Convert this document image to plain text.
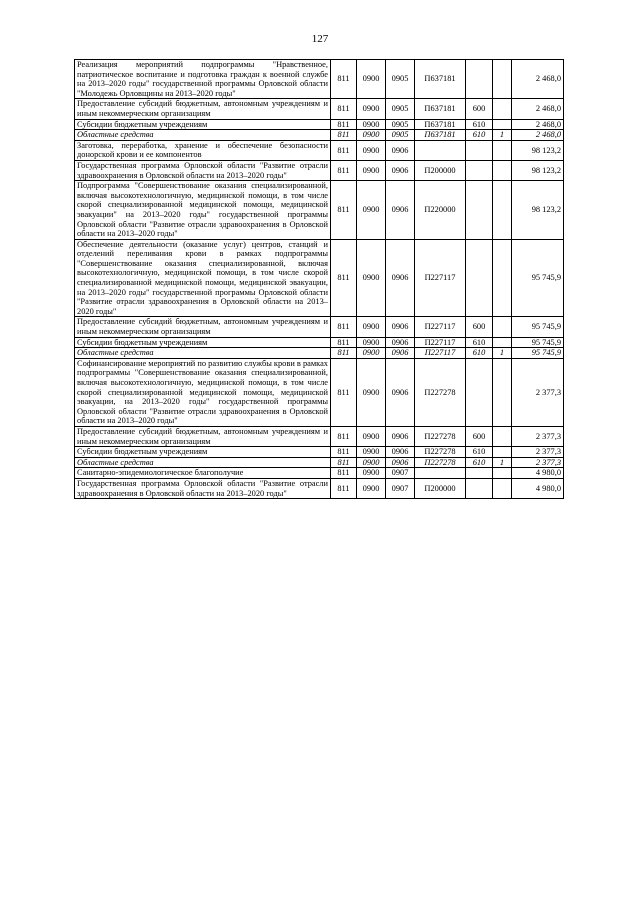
127
Реализация мероприятий подпрограммы "Нравственное, патриотическое воспитание и подготовка граждан к военной службе на 2013–2020 годы" государственной программы Орловской области "Молодежь Орловщины на 2013–2020 годы"	811	0900	0905	П637181			2 468,0
Предоставление субсидий бюджетным, автономным учреждениям и иным некоммерческим организациям	811	0900	0905	П637181	600		2 468,0
Субсидии бюджетным учреждениям	811	0900	0905	П637181	610		2 468,0
Областные средства	811	0900	0905	П637181	610	1	2 468,0
Заготовка, переработка, хранение и обеспечение безопасности донорской крови и ее компонентов	811	0900	0906				98 123,2
Государственная программа Орловской области "Развитие отрасли здравоохранения в Орловской области на 2013–2020 годы"	811	0900	0906	П200000			98 123,2
Подпрограмма "Совершенствование оказания специализированной, включая высокотехнологичную, медицинской помощи, в том числе скорой специализированной медицинской помощи, медицинской эвакуации" на 2013–2020 годы" государственной программы Орловской области "Развитие отрасли здравоохранения в Орловской области на 2013–2020 годы"	811	0900	0906	П220000			98 123,2
Обеспечение деятельности (оказание услуг) центров, станций и отделений переливания крови в рамках подпрограммы "Совершенствование оказания специализированной, включая высокотехнологичную, медицинской помощи, в том числе скорой специализированной медицинской помощи, медицинской эвакуации, на 2013–2020 годы" государственной программы Орловской области "Развитие отрасли здравоохранения в Орловской области на 2013–2020 годы"	811	0900	0906	П227117			95 745,9
Предоставление субсидий бюджетным, автономным учреждениям и иным некоммерческим организациям	811	0900	0906	П227117	600		95 745,9
Субсидии бюджетным учреждениям	811	0900	0906	П227117	610		95 745,9
Областные средства	811	0900	0906	П227117	610	1	95 745,9
Софинансирование мероприятий по развитию службы крови в рамках подпрограммы "Совершенствование оказания специализированной, включая высокотехнологичную, медицинской помощи, в том числе скорой специализированной медицинской помощи, медицинской эвакуации, на 2013–2020 годы" государственной программы Орловской области "Развитие отрасли здравоохранения в Орловской области на 2013–2020 годы"	811	0900	0906	П227278			2 377,3
Предоставление субсидий бюджетным, автономным учреждениям и иным некоммерческим организациям	811	0900	0906	П227278	600		2 377,3
Субсидии бюджетным учреждениям	811	0900	0906	П227278	610		2 377,3
Областные средства	811	0900	0906	П227278	610	1	2 377,3
Санитарно-эпидемиологическое благополучие	811	0900	0907				4 980,0
Государственная программа Орловской области "Развитие отрасли здравоохранения в Орловской области на 2013–2020 годы"	811	0900	0907	П200000			4 980,0
